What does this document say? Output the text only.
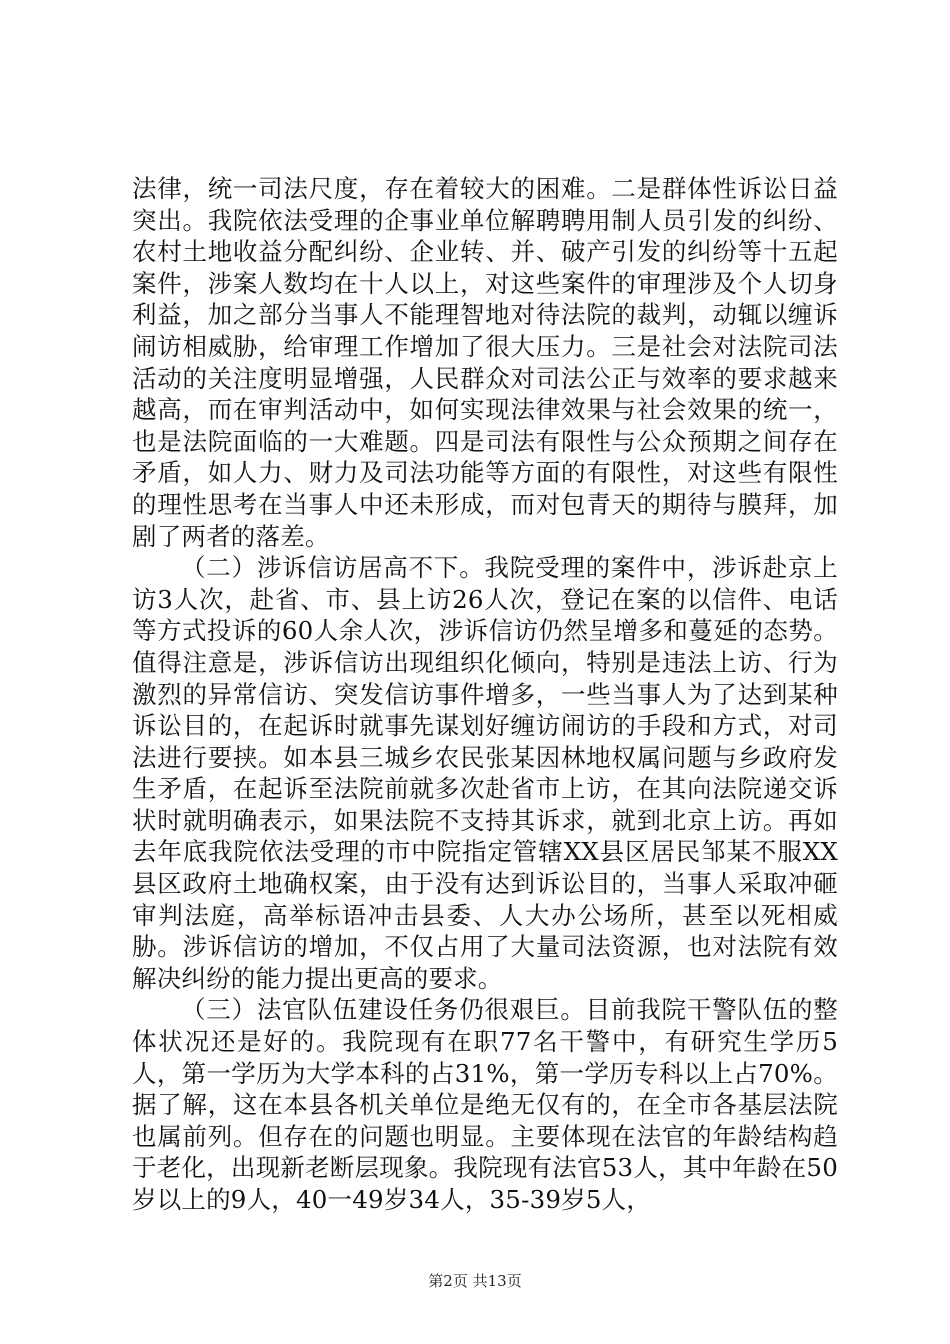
法律，统一司法尺度，存在着较大的困难。二是群体性诉讼日益突出。我院依法受理的企事业单位解聘聘用制人员引发的纠纷、农村土地收益分配纠纷、企业转、并、破产引发的纠纷等十五起案件，涉案人数均在十人以上，对这些案件的审理涉及个人切身利益，加之部分当事人不能理智地对待法院的裁判，动辄以缠诉闹访相威胁，给审理工作增加了很大压力。三是社会对法院司法活动的关注度明显增强，人民群众对司法公正与效率的要求越来越高，而在审判活动中，如何实现法律效果与社会效果的统一，也是法院面临的一大难题。四是司法有限性与公众预期之间存在矛盾，如人力、财力及司法功能等方面的有限性，对这些有限性的理性思考在当事人中还未形成，而对包青天的期待与膜拜，加剧了两者的落差。

（二）涉诉信访居高不下。我院受理的案件中，涉诉赴京上访3人次，赴省、市、县上访26人次，登记在案的以信件、电话等方式投诉的60人余人次，涉诉信访仍然呈增多和蔓延的态势。值得注意是，涉诉信访出现组织化倾向，特别是违法上访、行为激烈的异常信访、突发信访事件增多，一些当事人为了达到某种诉讼目的，在起诉时就事先谋划好缠访闹访的手段和方式，对司法进行要挟。如本县三城乡农民张某因林地权属问题与乡政府发生矛盾，在起诉至法院前就多次赴省市上访，在其向法院递交诉状时就明确表示，如果法院不支持其诉求，就到北京上访。再如去年底我院依法受理的市中院指定管辖XX县区居民邹某不服XX县区政府土地确权案，由于没有达到诉讼目的，当事人采取冲砸审判法庭，高举标语冲击县委、人大办公场所，甚至以死相威胁。涉诉信访的增加，不仅占用了大量司法资源，也对法院有效解决纠纷的能力提出更高的要求。

（三）法官队伍建设任务仍很艰巨。目前我院干警队伍的整体状况还是好的。我院现有在职77名干警中，有研究生学历5人，第一学历为大学本科的占31%，第一学历专科以上占70%。据了解，这在本县各机关单位是绝无仅有的，在全市各基层法院也属前列。但存在的问题也明显。主要体现在法官的年龄结构趋于老化，出现新老断层现象。我院现有法官53人，其中年龄在50岁以上的9人，40一49岁34人，35-39岁5人，

第2页 共13页
